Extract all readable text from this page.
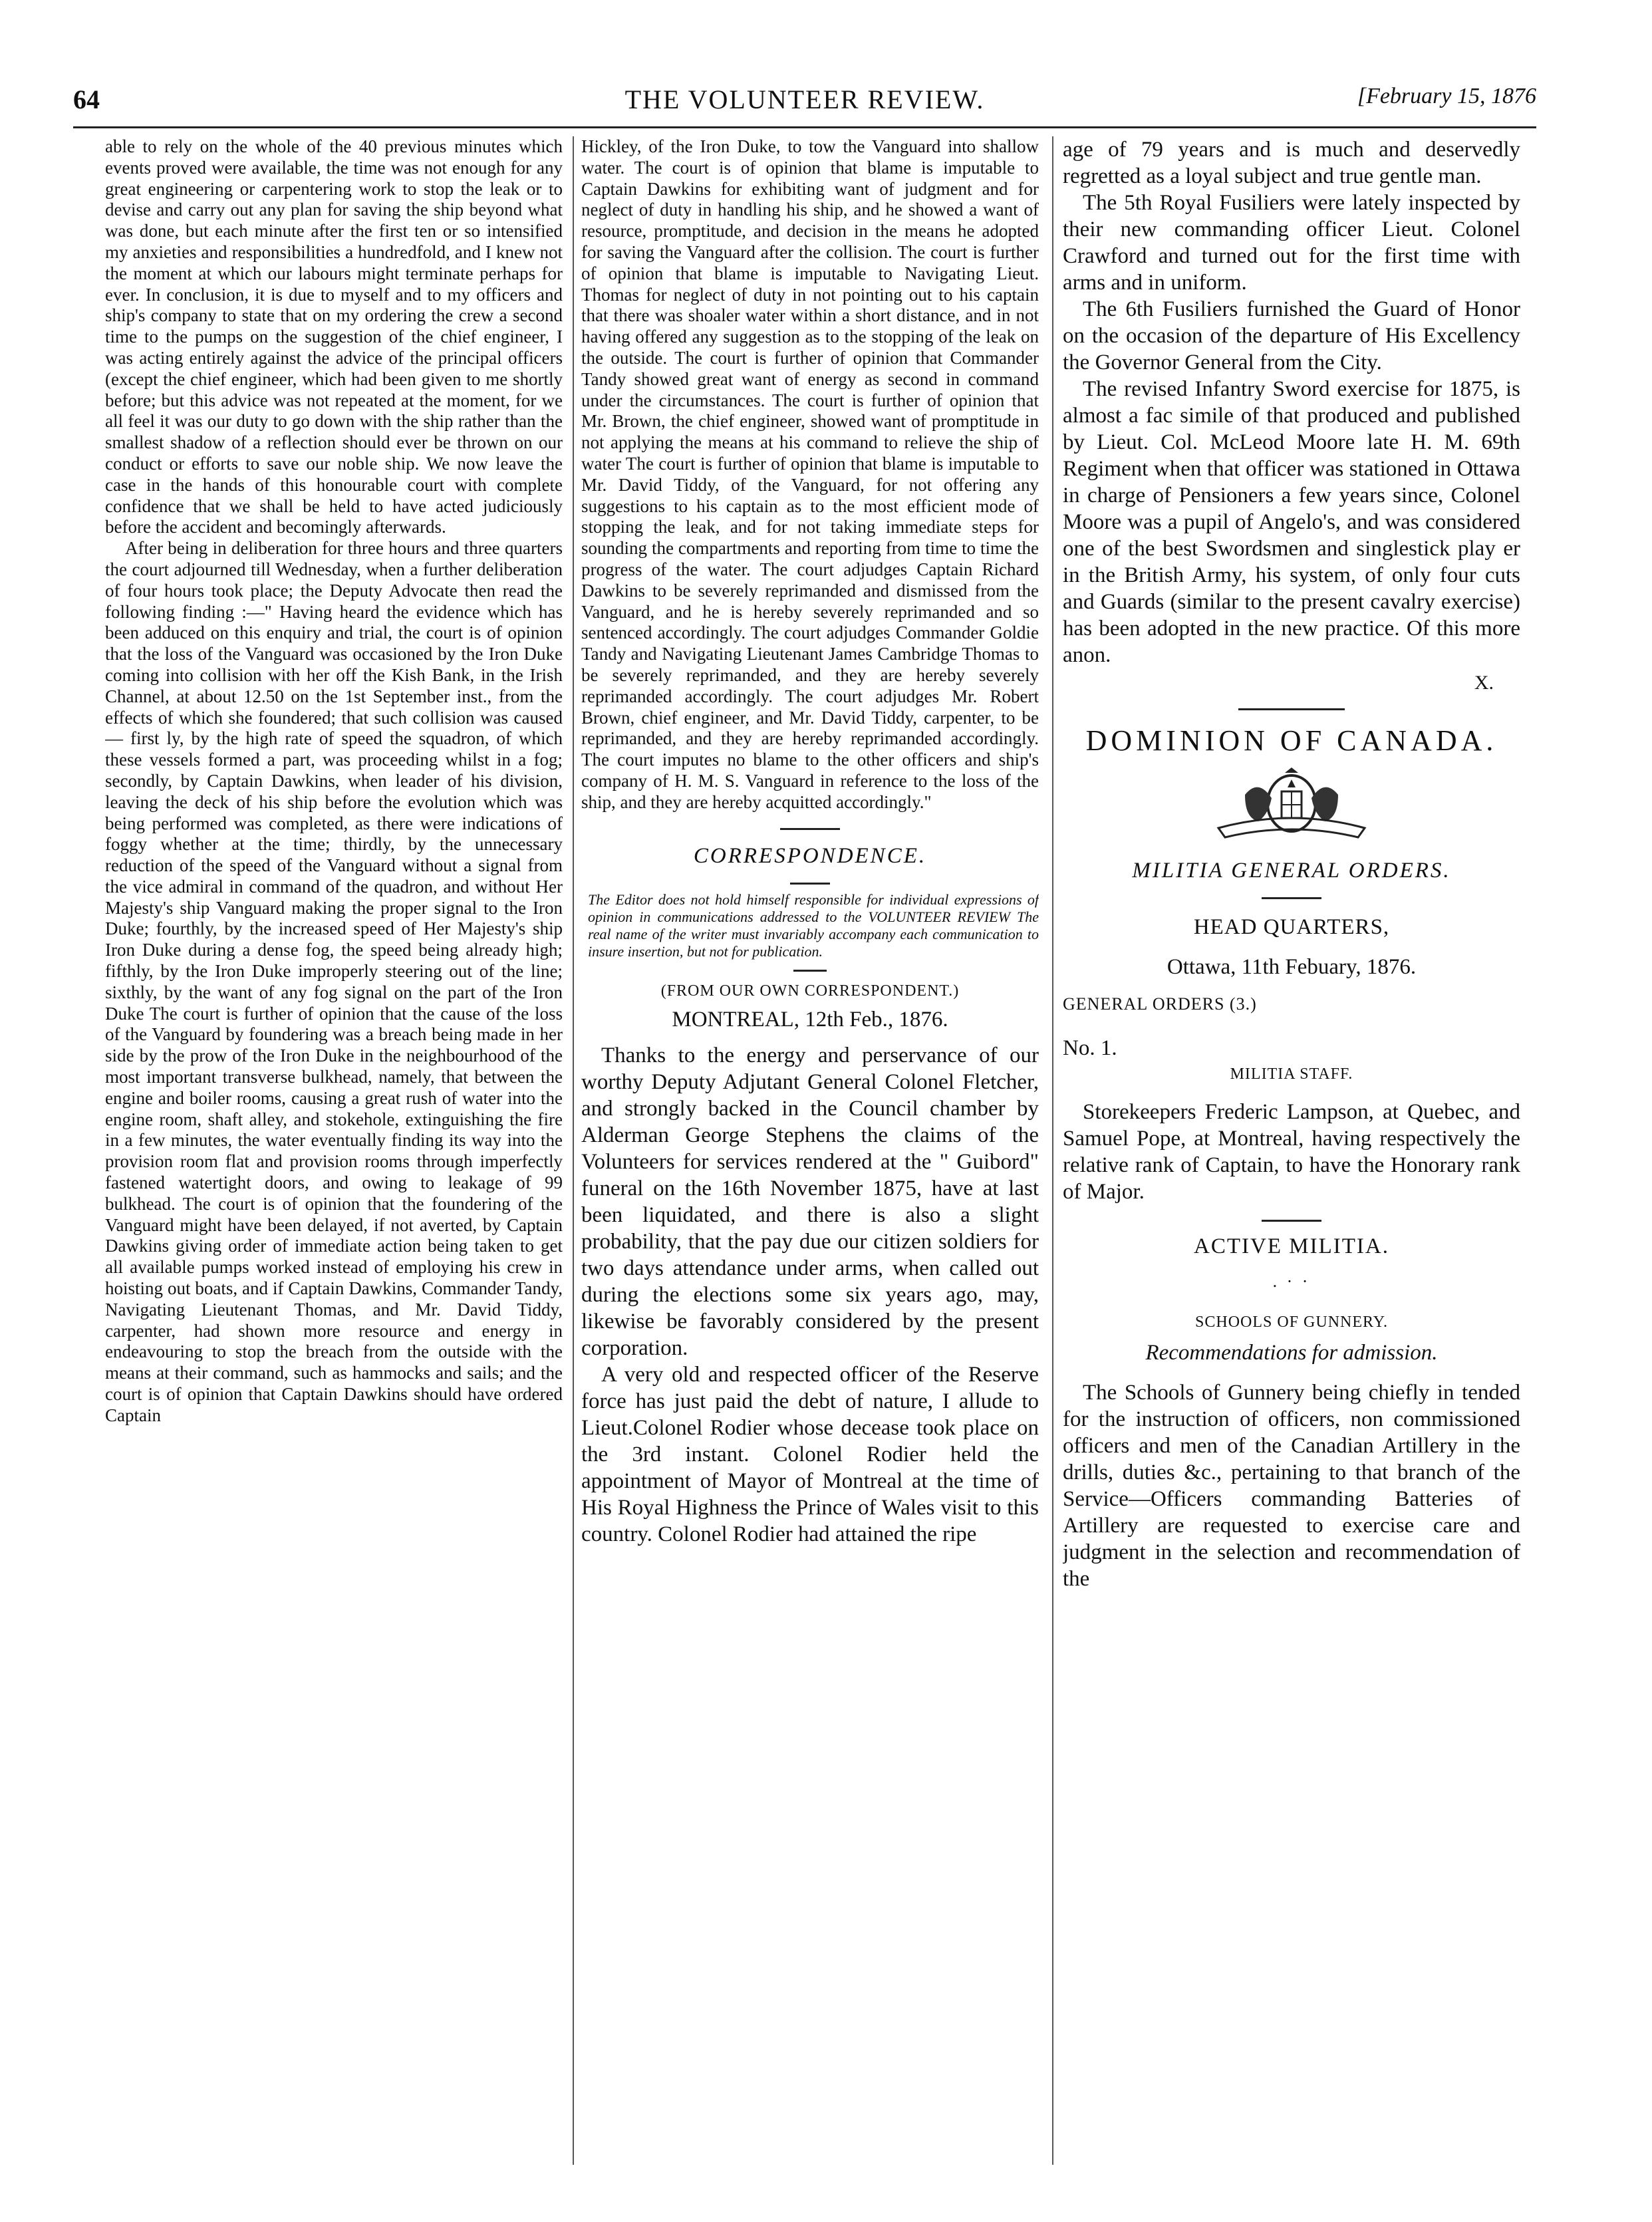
64	THE VOLUNTEER REVIEW.	[February 15, 1876

able to rely on the whole of the 40 previous minutes which events proved were available, the time was not enough for any great engineering or carpentering work to stop the leak or to devise and carry out any plan for saving the ship beyond what was done, but each minute after the first ten or so intensified my anxieties and responsibilities a hundredfold, and I knew not the moment at which our labours might terminate perhaps for ever. In conclusion, it is due to myself and to my officers and ship's company to state that on my ordering the crew a second time to the pumps on the suggestion of the chief engineer, I was acting entirely against the advice of the principal officers (except the chief engineer, which had been given to me shortly before; but this advice was not repeated at the moment, for we all feel it was our duty to go down with the ship rather than the smallest shadow of a reflection should ever be thrown on our conduct or efforts to save our noble ship. We now leave the case in the hands of this honourable court with complete confidence that we shall be held to have acted judiciously before the accident and becomingly afterwards.

After being in deliberation for three hours and three quarters the court adjourned till Wednesday, when a further deliberation of four hours took place; the Deputy Advocate then read the following finding :—" Having heard the evidence which has been adduced on this enquiry and trial, the court is of opinion that the loss of the Vanguard was occasioned by the Iron Duke coming into collision with her off the Kish Bank, in the Irish Channel, at about 12.50 on the 1st September inst., from the effects of which she foundered; that such collision was caused— first ly, by the high rate of speed the squadron, of which these vessels formed a part, was proceeding whilst in a fog; secondly, by Captain Dawkins, when leader of his division, leaving the deck of his ship before the evolution which was being performed was completed, as there were indications of foggy whether at the time; thirdly, by the unnecessary reduction of the speed of the Vanguard without a signal from the vice admiral in command of the quadron, and without Her Majesty's ship Vanguard making the proper signal to the Iron Duke; fourthly, by the increased speed of Her Majesty's ship Iron Duke during a dense fog, the speed being already high; fifthly, by the Iron Duke improperly steering out of the line; sixthly, by the want of any fog signal on the part of the Iron Duke The court is further of opinion that the cause of the loss of the Vanguard by foundering was a breach being made in her side by the prow of the Iron Duke in the neighbourhood of the most important transverse bulkhead, namely, that between the engine and boiler rooms, causing a great rush of water into the engine room, shaft alley, and stokehole, extinguishing the fire in a few minutes, the water eventually finding its way into the provision room flat and provision rooms through imperfectly fastened watertight doors, and owing to leakage of 99 bulkhead. The court is of opinion that the foundering of the Vanguard might have been delayed, if not averted, by Captain Dawkins giving order of immediate action being taken to get all available pumps worked instead of employing his crew in hoisting out boats, and if Captain Dawkins, Commander Tandy, Navigating Lieutenant Thomas, and Mr. David Tiddy, carpenter, had shown more resource and energy in endeavouring to stop the breach from the outside with the means at their command, such as hammocks and sails; and the court is of opinion that Captain Dawkins should have ordered Captain

Hickley, of the Iron Duke, to tow the Vanguard into shallow water. The court is of opinion that blame is imputable to Captain Dawkins for exhibiting want of judgment and for neglect of duty in handling his ship, and he showed a want of resource, promptitude, and decision in the means he adopted for saving the Vanguard after the collision. The court is further of opinion that blame is imputable to Navigating Lieut. Thomas for neglect of duty in not pointing out to his captain that there was shoaler water within a short distance, and in not having offered any suggestion as to the stopping of the leak on the outside. The court is further of opinion that Commander Tandy showed great want of energy as second in command under the circumstances. The court is further of opinion that Mr. Brown, the chief engineer, showed want of promptitude in not applying the means at his command to relieve the ship of water The court is further of opinion that blame is imputable to Mr. David Tiddy, of the Vanguard, for not offering any suggestions to his captain as to the most efficient mode of stopping the leak, and for not taking immediate steps for sounding the compartments and reporting from time to time the progress of the water. The court adjudges Captain Richard Dawkins to be severely reprimanded and dismissed from the Vanguard, and he is hereby severely reprimanded and so sentenced accordingly. The court adjudges Commander Goldie Tandy and Navigating Lieutenant James Cambridge Thomas to be severely reprimanded, and they are hereby severely reprimanded accordingly. The court adjudges Mr. Robert Brown, chief engineer, and Mr. David Tiddy, carpenter, to be reprimanded, and they are hereby reprimanded accordingly. The court imputes no blame to the other officers and ship's company of H. M. S. Vanguard in reference to the loss of the ship, and they are hereby acquitted accordingly."

CORRESPONDENCE.

The Editor does not hold himself responsible for individual expressions of opinion in communications addressed to the VOLUNTEER REVIEW The real name of the writer must invariably accompany each communication to insure insertion, but not for publication.

(FROM OUR OWN CORRESPONDENT.)

MONTREAL, 12th Feb., 1876.

Thanks to the energy and perservance of our worthy Deputy Adjutant General Colonel Fletcher, and strongly backed in the Council chamber by Alderman George Stephens the claims of the Volunteers for services rendered at the " Guibord" funeral on the 16th November 1875, have at last been liquidated, and there is also a slight probability, that the pay due our citizen soldiers for two days attendance under arms, when called out during the elections some six years ago, may, likewise be favorably considered by the present corporation.

A very old and respected officer of the Reserve force has just paid the debt of nature, I allude to Lieut.Colonel Rodier whose decease took place on the 3rd instant. Colonel Rodier held the appointment of Mayor of Montreal at the time of His Royal Highness the Prince of Wales visit to this country. Colonel Rodier had attained the ripe

age of 79 years and is much and deservedly regretted as a loyal subject and true gentle man.

The 5th Royal Fusiliers were lately inspected by their new commanding officer Lieut. Colonel Crawford and turned out for the first time with arms and in uniform.

The 6th Fusiliers furnished the Guard of Honor on the occasion of the departure of His Excellency the Governor General from the City.

The revised Infantry Sword exercise for 1875, is almost a fac simile of that produced and published by Lieut. Col. McLeod Moore late H. M. 69th Regiment when that officer was stationed in Ottawa in charge of Pensioners a few years since, Colonel Moore was a pupil of Angelo's, and was considered one of the best Swordsmen and singlestick play er in the British Army, his system, of only four cuts and Guards (similar to the present cavalry exercise) has been adopted in the new practice. Of this more anon.

X.

DOMINION OF CANADA.
MILITIA GENERAL ORDERS.

HEAD QUARTERS,

Ottawa, 11th Febuary, 1876.

GENERAL ORDERS (3.)

No. 1.

MILITIA STAFF.

Storekeepers Frederic Lampson, at Quebec, and Samuel Pope, at Montreal, having respectively the relative rank of Captain, to have the Honorary rank of Major.

ACTIVE MILITIA.

. · ·

SCHOOLS OF GUNNERY.

Recommendations for admission.

The Schools of Gunnery being chiefly in tended for the instruction of officers, non commissioned officers and men of the Canadian Artillery in the drills, duties &c., pertaining to that branch of the Service—Officers commanding Batteries of Artillery are requested to exercise care and judgment in the selection and recommendation of the
